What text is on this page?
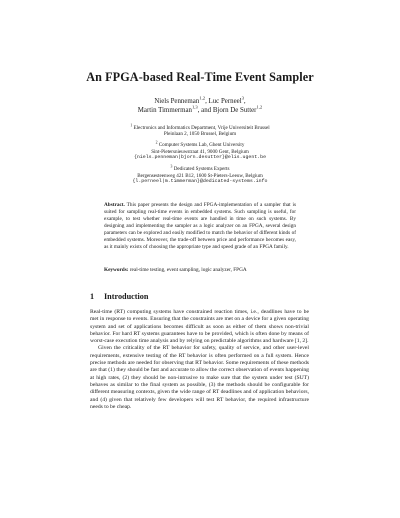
An FPGA-based Real-Time Event Sampler
Niels Penneman$^{1,2}$, Luc Perneel$^3$,
Martin Timmerman$^{1,3}$, and Bjorn De Sutter$^{1,2}$
$^1$ Electronics and Informatics Department, Vrije Universiteit Brussel
Pleinlaan 2, 1050 Brussel, Belgium
$^2$ Computer Systems Lab, Ghent University
Sint-Pietersnieuwstraat 41, 9000 Gent, Belgium
{niels.penneman|bjorn.desutter}@elis.ugent.be
$^3$ Dedicated Systems Experts
Bergensesteenweg 421 B12, 1600 St-Pieters-Leeuw, Belgium
{l.perneel|m.timmerman}@dedicated-systems.info
Abstract. This paper presents the design and FPGA-implementation of a sampler that is suited for sampling real-time events in embedded systems. Such sampling is useful, for example, to test whether real-time events are handled in time on such systems. By designing and implementing the sampler as a logic analyzer on an FPGA, several design parameters can be explored and easily modified to match the behavior of different kinds of embedded systems. Moreover, the trade-off between price and performance becomes easy, as it mainly exists of choosing the appropriate type and speed grade of an FPGA family.
Keywords: real-time testing, event sampling, logic analyzer, FPGA
1 Introduction

Real-time (RT) computing systems have constrained reaction times, i.e., deadlines have to be met in response to events. Ensuring that the constraints are met on a device for a given operating system and set of applications becomes difficult as soon as either of them shows non-trivial behavior. For hard RT systems guarantees have to be provided, which is often done by means of worst-case execution time analysis and by relying on predictable algorithms and hardware [1, 2].

Given the criticality of the RT behavior for safety, quality of service, and other user-level requirements, extensive testing of the RT behavior is often performed on a full system. Hence precise methods are needed for observing that RT behavior. Some requirements of these methods are that (1) they should be fast and accurate to allow the correct observation of events happening at high rates, (2) they should be non-intrusive to make sure that the system under test (SUT) behaves as similar to the final system as possible, (3) the methods should be configurable for different measuring contexts, given the wide range of RT deadlines and of application behaviors, and (4) given that relatively few developers will test RT behavior, the required infrastructure needs to be cheap.
